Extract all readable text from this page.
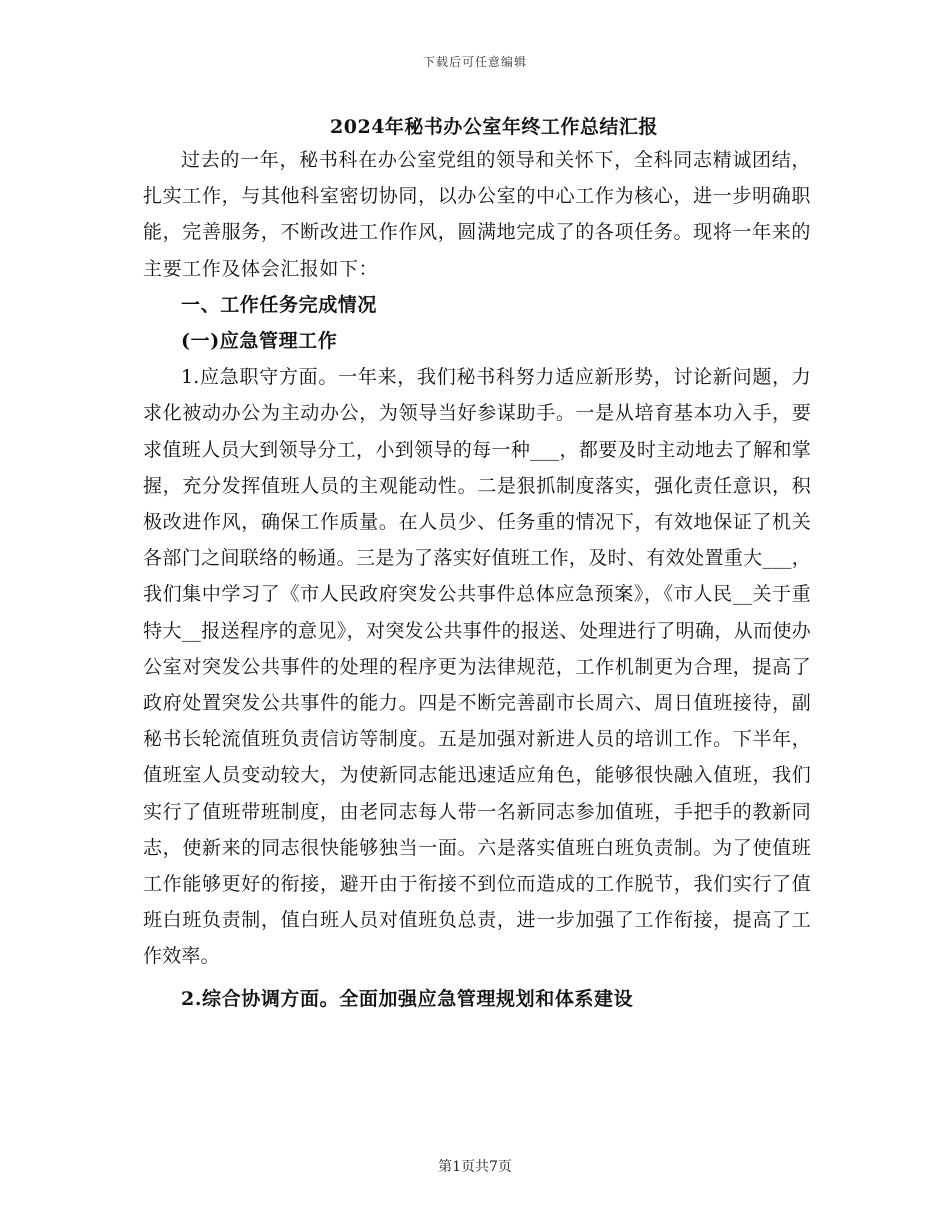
下载后可任意编辑
2024年秘书办公室年终工作总结汇报

过去的一年，秘书科在办公室党组的领导和关怀下，全科同志精诚团结，扎实工作，与其他科室密切协同，以办公室的中心工作为核心，进一步明确职能，完善服务，不断改进工作作风，圆满地完成了的各项任务。现将一年来的主要工作及体会汇报如下：

一、工作任务完成情况

(一)应急管理工作

1.应急职守方面。一年来，我们秘书科努力适应新形势，讨论新问题，力求化被动办公为主动办公，为领导当好参谋助手。一是从培育基本功入手，要求值班人员大到领导分工，小到领导的每一种___，都要及时主动地去了解和掌握，充分发挥值班人员的主观能动性。二是狠抓制度落实，强化责任意识，积极改进作风，确保工作质量。在人员少、任务重的情况下，有效地保证了机关各部门之间联络的畅通。三是为了落实好值班工作，及时、有效处置重大___，我们集中学习了《市人民政府突发公共事件总体应急预案》，《市人民__关于重特大__报送程序的意见》，对突发公共事件的报送、处理进行了明确，从而使办公室对突发公共事件的处理的程序更为法律规范，工作机制更为合理，提高了政府处置突发公共事件的能力。四是不断完善副市长周六、周日值班接待，副秘书长轮流值班负责信访等制度。五是加强对新进人员的培训工作。下半年，值班室人员变动较大，为使新同志能迅速适应角色，能够很快融入值班，我们实行了值班带班制度，由老同志每人带一名新同志参加值班，手把手的教新同志，使新来的同志很快能够独当一面。六是落实值班白班负责制。为了使值班工作能够更好的衔接，避开由于衔接不到位而造成的工作脱节，我们实行了值班白班负责制，值白班人员对值班负总责，进一步加强了工作衔接，提高了工作效率。

2.综合协调方面。全面加强应急管理规划和体系建设

第1页共7页
